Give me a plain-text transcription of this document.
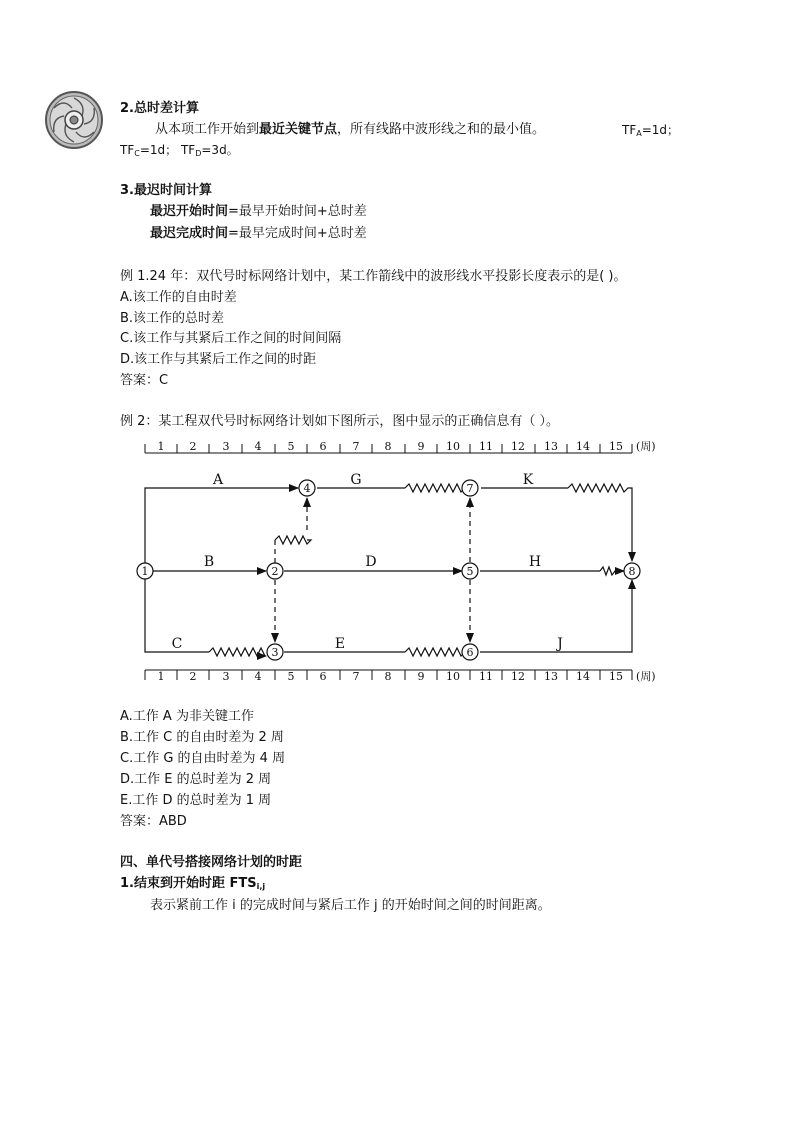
2.总时差计算
从本项工作开始到最近关键节点，所有线路中波形线之和的最小值。	$TF_A=1d$；
$TF_C=1d$； $TF_D=3d$。
3.最迟时间计算
最迟开始时间=最早开始时间+总时差
最迟完成时间=最早完成时间+总时差
例 1.24 年：双代号时标网络计划中，某工作箭线中的波形线水平投影长度表示的是( )。
A.该工作的自由时差
B.该工作的总时差
C.该工作与其紧后工作之间的时间间隔
D.该工作与其紧后工作之间的时距
答案：C
例 2：某工程双代号时标网络计划如下图所示，图中显示的正确信息有（ ）。
1 2 3 4 5 6 7 8 9 10 11 12 13 14 15 (周)
1 2 3 4 5 6 7 8 9 10 11 12 13 14 15 (周)
1	2
3
4
5
6
7
8
A
B
C
D
E
G
H
J
K
A.工作 A 为非关键工作
B.工作 C 的自由时差为 2 周
C.工作 G 的自由时差为 4 周
D.工作 E 的总时差为 2 周
E.工作 D 的总时差为 1 周
答案：ABD
四、单代号搭接网络计划的时距
1.结束到开始时距 $FTS_{i,j}$
表示紧前工作 i 的完成时间与紧后工作 j 的开始时间之间的时间距离。
